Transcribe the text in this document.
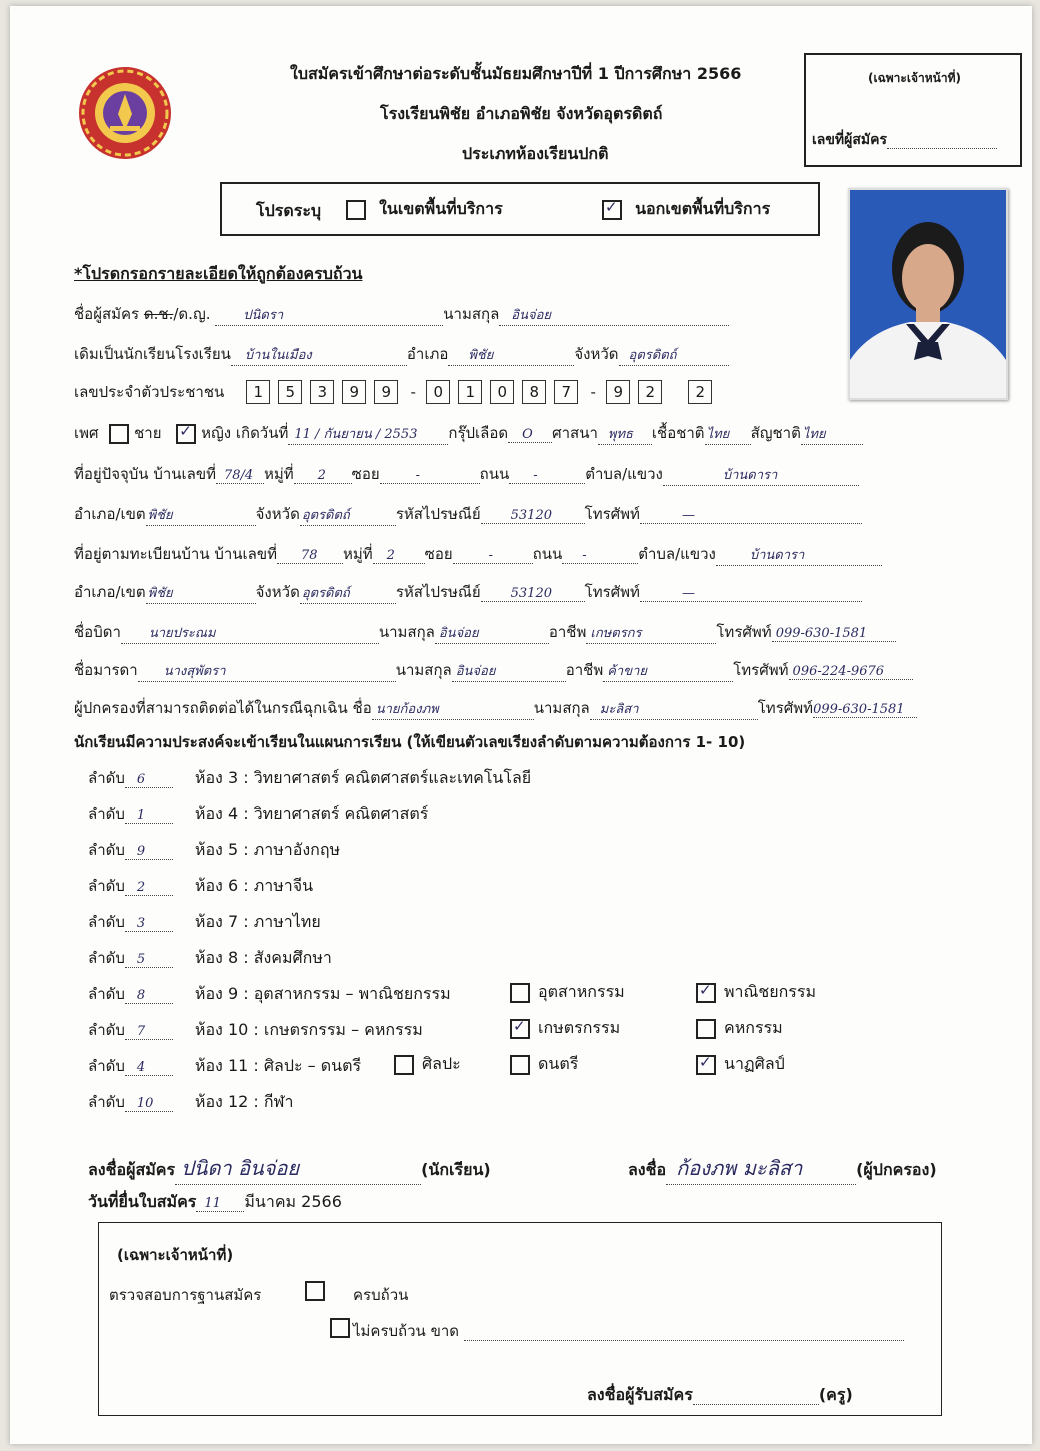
ใบสมัครเข้าศึกษาต่อระดับชั้นมัธยมศึกษาปีที่ 1 ปีการศึกษา 2566
โรงเรียนพิชัย อำเภอพิชัย จังหวัดอุตรดิตถ์
ประเภทห้องเรียนปกติ
(เฉพาะเจ้าหน้าที่)
เลขที่ผู้สมัคร
โปรดระบุ	ในเขตพื้นที่บริการ ✓	นอกเขตพื้นที่บริการ
*โปรดกรอกรายละเอียดให้ถูกต้องครบถ้วน
ชื่อผู้สมัคร ด.ช./ด.ญ.	ปนิดรา	นามสกุล อินจ่อย
เดิมเป็นนักเรียนโรงเรียน บ้านในเมือง	อำเภอ พิชัย	จังหวัด อุตรดิตถ์
เลขประจำตัวประชาชน 1 5 3 9 9 - 0 1 0 8 7 - 9 2	2
เพศ ชาย ✓	หญิง เกิดวันที่ 11 / กันยายน / 2553 กรุ๊ปเลือด O ศาสนา พุทธ เชื้อชาติ ไทย สัญชาติ ไทย
ที่อยู่ปัจจุบัน บ้านเลขที่ 78/4 หมู่ที่ 2 ซอย	-	ถนน -	ตำบล/แขวง	บ้านดารา
อำเภอ/เขต พิชัย	จังหวัด อุตรดิตถ์	รหัสไปรษณีย์ 53120 โทรศัพท์	—
ที่อยู่ตามทะเบียนบ้าน บ้านเลขที่ 78 หมู่ที่ 2 ซอย	-	ถนน -	ตำบล/แขวง	บ้านดารา
อำเภอ/เขต พิชัย	จังหวัด อุตรดิตถ์	รหัสไปรษณีย์ 53120 โทรศัพท์	—
ชื่อบิดา นายประณม	นามสกุล อินจ่อย	อาชีพ เกษตรกร	โทรศัพท์ 099-630-1581
ชื่อมารดา นางสุพัตรา	นามสกุล อินจ่อย	อาชีพ ค้าขาย	โทรศัพท์ 096-224-9676
ผู้ปกครองที่สามารถติดต่อได้ในกรณีฉุกเฉิน ชื่อ นายก้องภพ	นามสกุล มะลิสา	โทรศัพท์099-630-1581
นักเรียนมีความประสงค์จะเข้าเรียนในแผนการเรียน (ให้เขียนตัวเลขเรียงลำดับตามความต้องการ 1- 10)
ลำดับ 6	ห้อง 3 : วิทยาศาสตร์ คณิตศาสตร์และเทคโนโลยี
ลำดับ 1	ห้อง 4 : วิทยาศาสตร์ คณิตศาสตร์
ลำดับ 9	ห้อง 5 : ภาษาอังกฤษ
ลำดับ 2	ห้อง 6 : ภาษาจีน
ลำดับ 3	ห้อง 7 : ภาษาไทย
ลำดับ 5	ห้อง 8 : สังคมศึกษา
ลำดับ 8	ห้อง 9 : อุตสาหกรรม – พาณิชยกรรม	อุตสาหกรรม ✓	พาณิชยกรรม
ลำดับ 7	ห้อง 10 : เกษตรกรรม – คหกรรม ✓	เกษตรกรรม	คหกรรม
ลำดับ 4	ห้อง 11 : ศิลปะ – ดนตรี	ศิลปะ	ดนตรี ✓	นาฏศิลป์
ลำดับ 10	ห้อง 12 : กีฬา
ลงชื่อผู้สมัคร ปนิดา อินจ่อย	(นักเรียน)	ลงชื่อ ก้องภพ มะลิสา	(ผู้ปกครอง)
วันที่ยื่นใบสมัคร 11 มีนาคม 2566
(เฉพาะเจ้าหน้าที่)
ตรวจสอบการฐานสมัคร
	ครบถ้วน
ไม่ครบถ้วน ขาด
ลงชื่อผู้รับสมัคร	(ครู)
